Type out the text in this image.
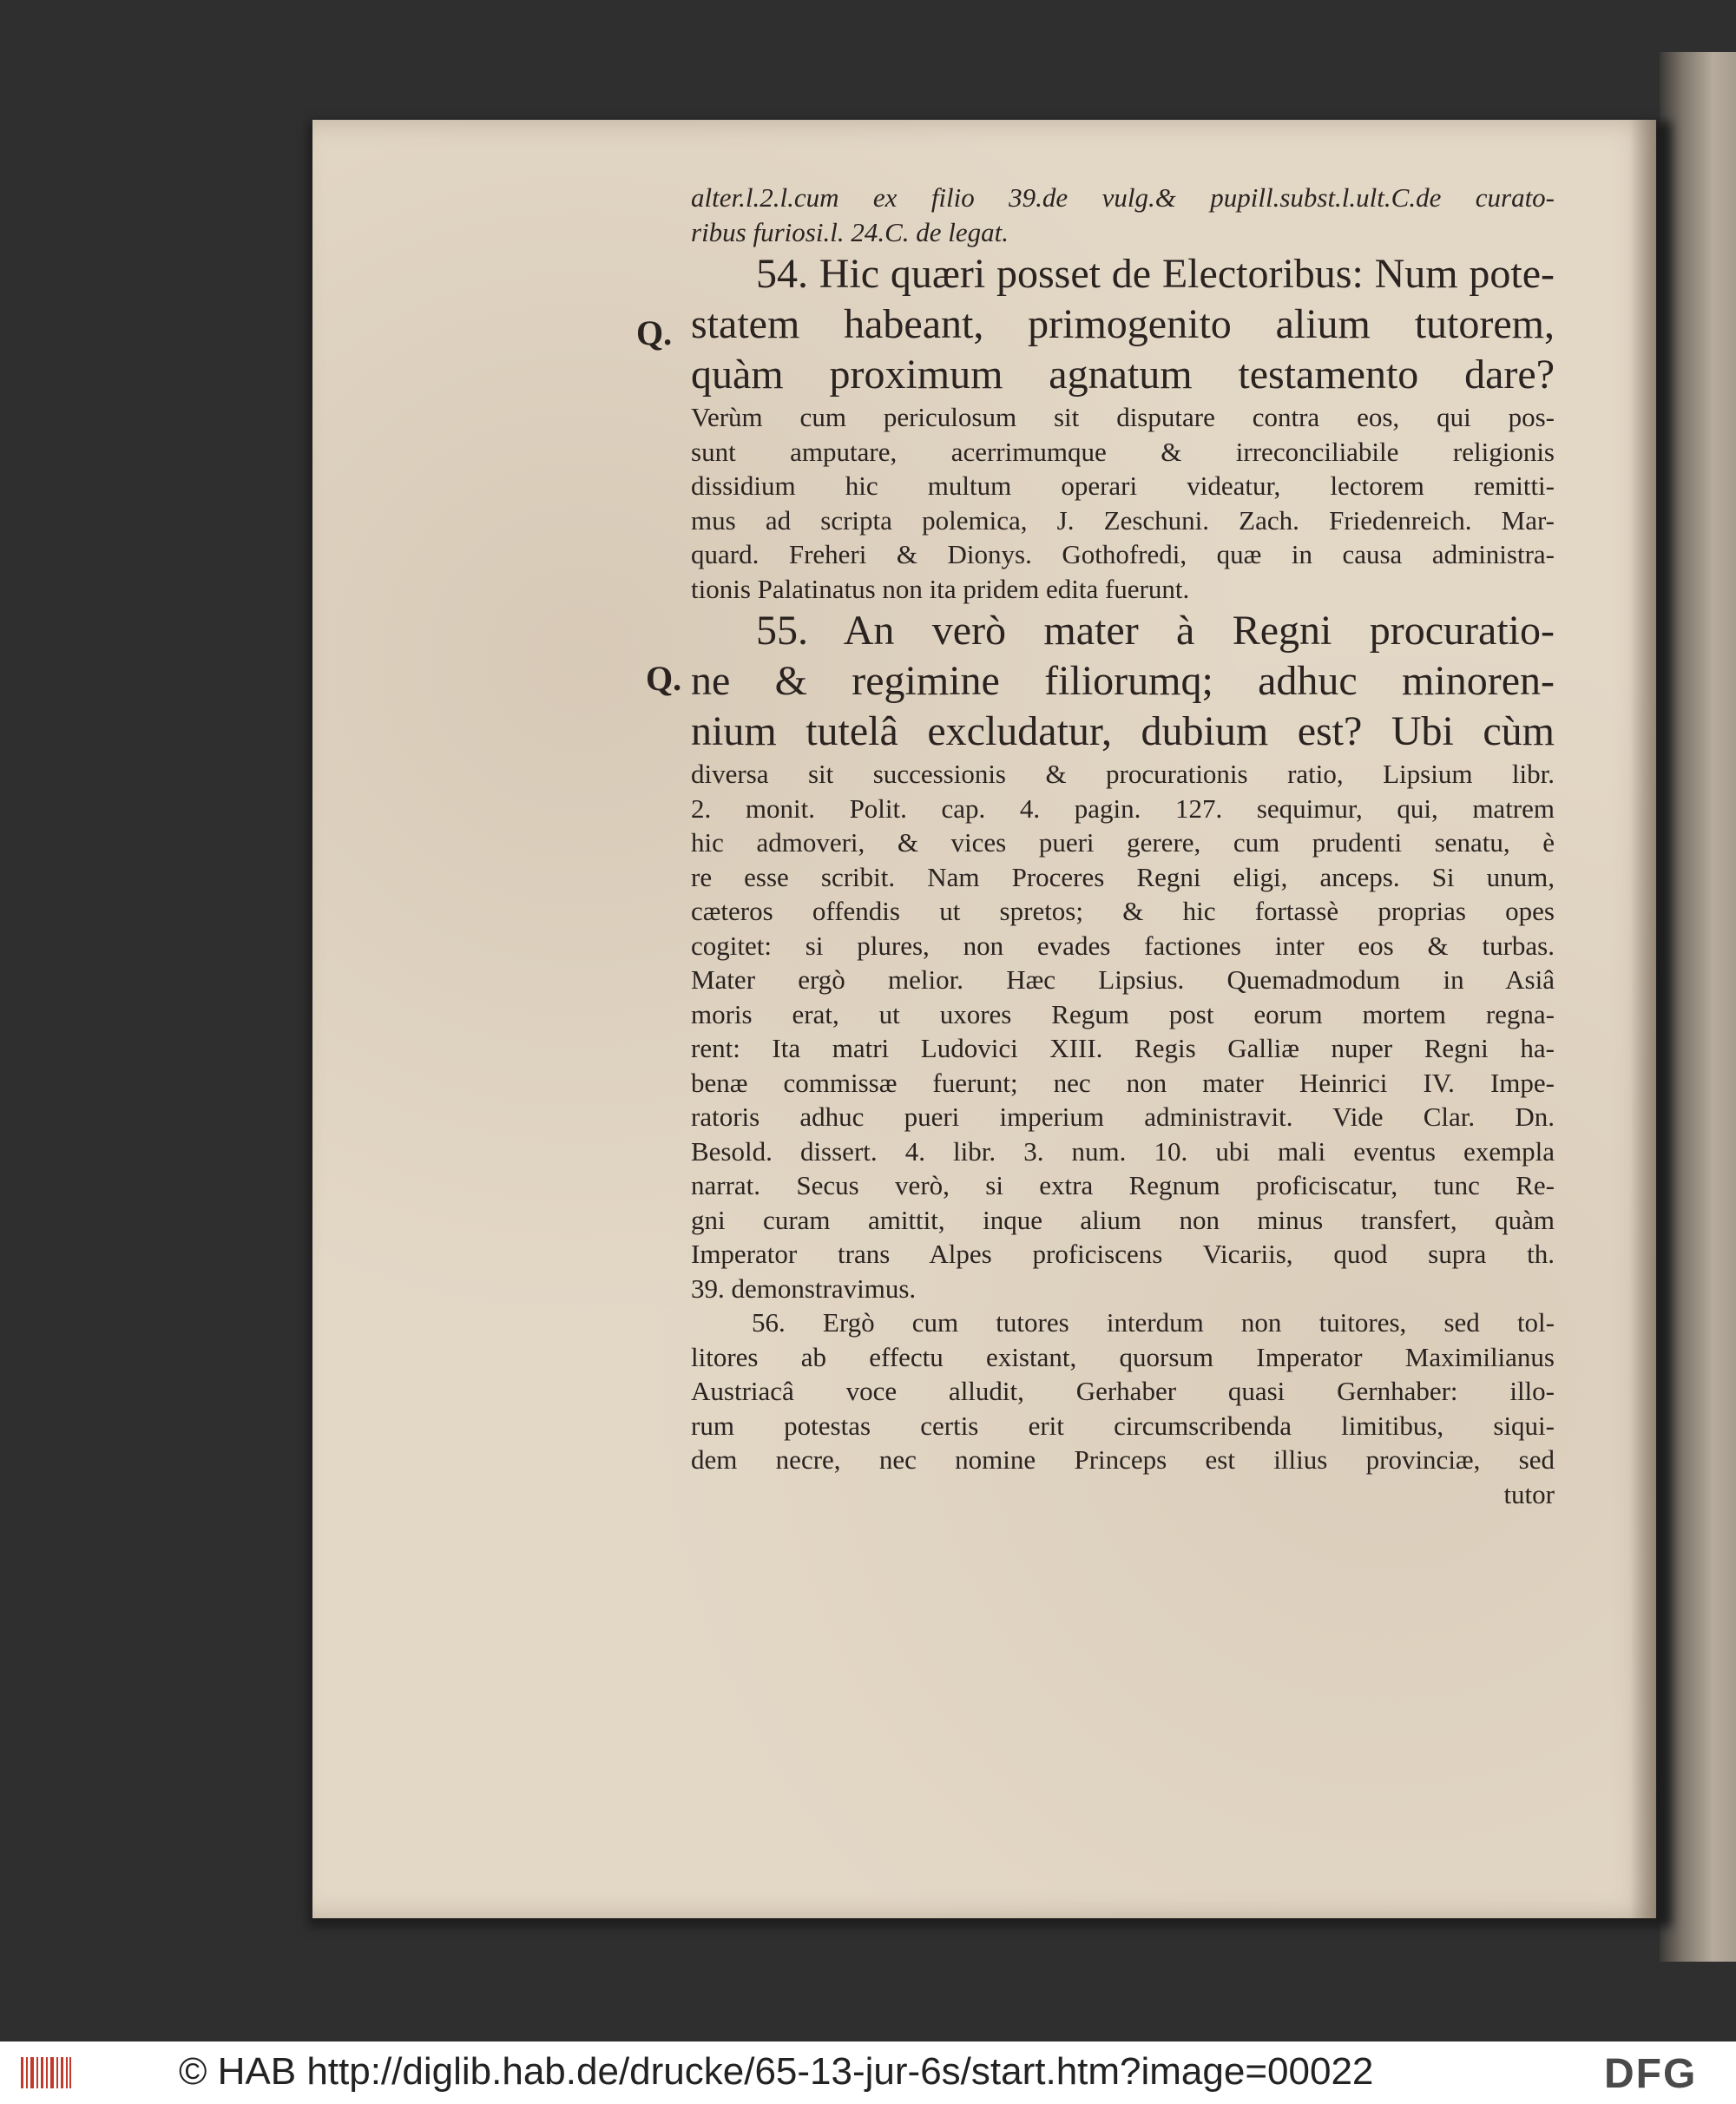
Q.
Q.
alter.l.2.l.cum ex filio 39.de vulg.& pupill.subst.l.ult.C.de curato-
ribus furiosi.l. 24.C. de legat.
54. Hic quæri posset de Electoribus: Num pote-
statem habeant, primogenito alium tutorem,
quàm proximum agnatum testamento dare?
Verùm cum periculosum sit disputare contra eos, qui pos-
sunt amputare, acerrimumque & irreconciliabile religionis
dissidium hic multum operari videatur, lectorem remitti-
mus ad scripta polemica, J. Zeschuni. Zach. Friedenreich. Mar-
quard. Freheri & Dionys. Gothofredi, quæ in causa administra-
tionis Palatinatus non ita pridem edita fuerunt.
55. An verò mater à Regni procuratio-
ne & regimine filiorumq; adhuc minoren-
nium tutelâ excludatur, dubium est? Ubi cùm
diversa sit successionis & procurationis ratio, Lipsium libr.
2. monit. Polit. cap. 4. pagin. 127. sequimur, qui, matrem
hic admoveri, & vices pueri gerere, cum prudenti senatu, è
re esse scribit. Nam Proceres Regni eligi, anceps. Si unum,
cæteros offendis ut spretos; & hic fortassè proprias opes
cogitet: si plures, non evades factiones inter eos & turbas.
Mater ergò melior. Hæc Lipsius. Quemadmodum in Asiâ
moris erat, ut uxores Regum post eorum mortem regna-
rent: Ita matri Ludovici XIII. Regis Galliæ nuper Regni ha-
benæ commissæ fuerunt; nec non mater Heinrici IV. Impe-
ratoris adhuc pueri imperium administravit. Vide Clar. Dn.
Besold. dissert. 4. libr. 3. num. 10. ubi mali eventus exempla
narrat. Secus verò, si extra Regnum proficiscatur, tunc Re-
gni curam amittit, inque alium non minus transfert, quàm
Imperator trans Alpes proficiscens Vicariis, quod supra th.
39. demonstravimus.
56. Ergò cum tutores interdum non tuitores, sed tol-
litores ab effectu existant, quorsum Imperator Maximilianus
Austriacâ voce alludit, Gerhaber quasi Gernhaber: illo-
rum potestas certis erit circumscribenda limitibus, siqui-
dem necre, nec nomine Princeps est illius provinciæ, sed
tutor
© HAB http://diglib.hab.de/drucke/65-13-jur-6s/start.htm?image=00022	DFG
